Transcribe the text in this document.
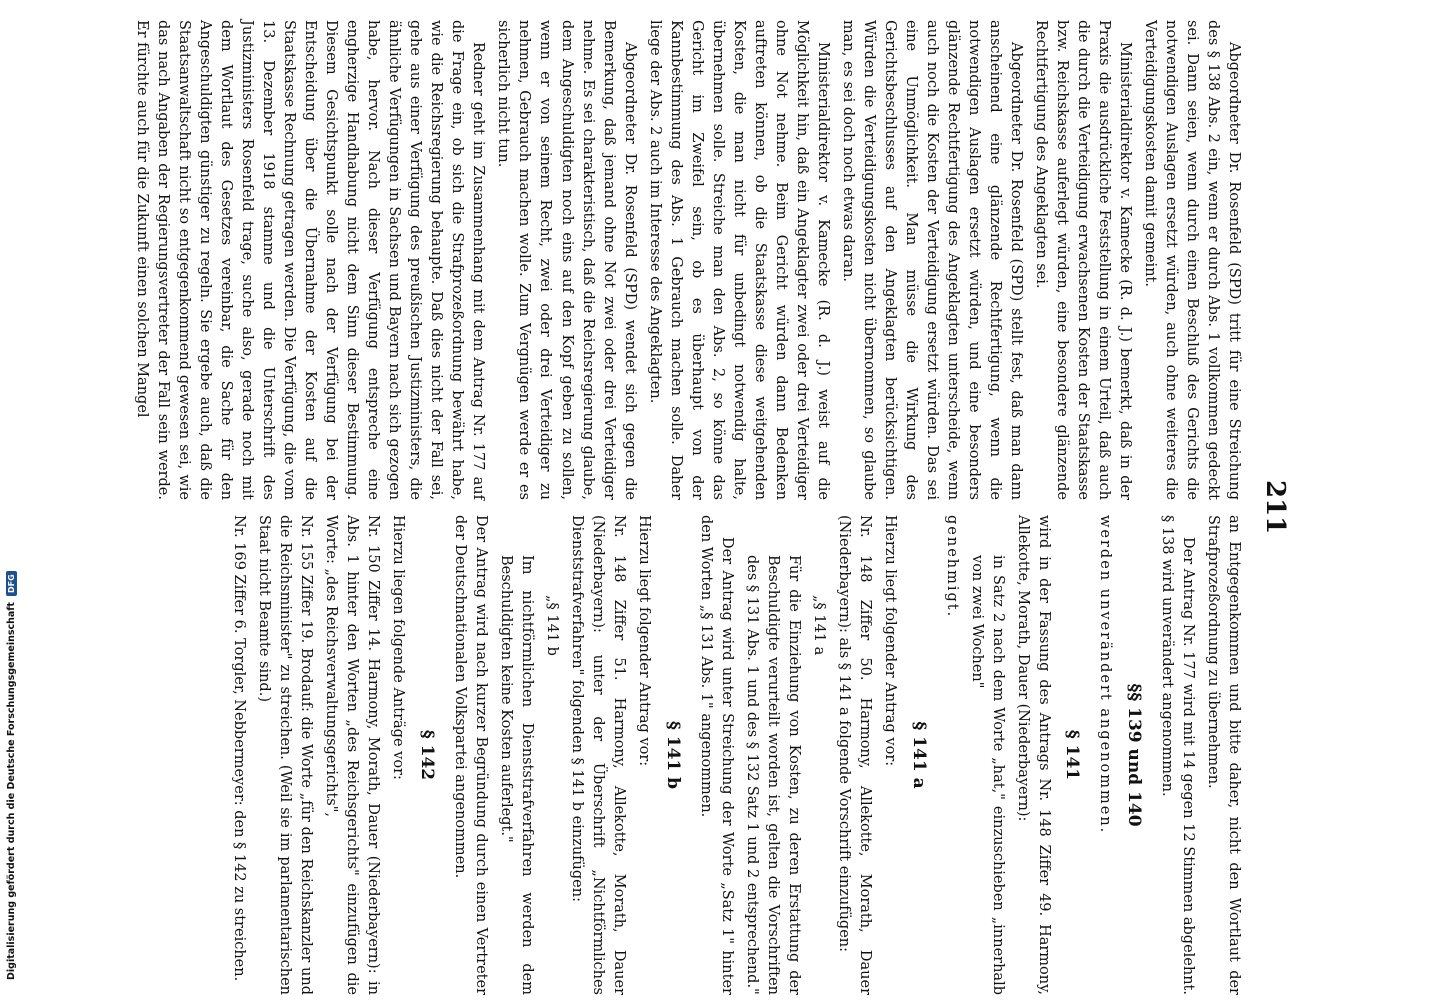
211

Abgeordneter Dr. Rosenfeld (SPD) tritt für eine Streichung des § 138 Abs. 2 ein, wenn er durch Abs. 1 vollkommen gedeckt sei. Dann seien, wenn durch einen Beschluß des Gerichts die notwendigen Auslagen ersetzt würden, auch ohne weiteres die Verteidigungskosten damit gemeint.

Ministerialdirektor v. Kamecke (R. d. J.) bemerkt, daß in der Praxis die ausdrückliche Feststellung in einem Urteil, daß auch die durch die Verteidigung erwachsenen Kosten der Staatskasse bzw. Reichskasse auferlegt würden, eine besondere glänzende Rechtfertigung des Angeklagten sei.

Abgeordneter Dr. Rosenfeld (SPD) stellt fest, daß man dann anscheinend eine glänzende Rechtfertigung, wenn die notwendigen Auslagen ersetzt würden, und eine besonders glänzende Rechtfertigung des Angeklagten unterscheide, wenn auch noch die Kosten der Verteidigung ersetzt würden. Das sei eine Unmöglichkeit. Man müsse die Wirkung des Gerichtsbeschlusses auf den Angeklagten berücksichtigen. Würden die Verteidigungskosten nicht übernommen, so glaube man, es sei doch noch etwas daran.

Ministerialdirektor v. Kamecke (R. d. J.) weist auf die Möglichkeit hin, daß ein Angeklagter zwei oder drei Verteidiger ohne Not nehme. Beim Gericht würden dann Bedenken auftreten können, ob die Staatskasse diese weitgehenden Kosten, die man nicht für unbedingt notwendig halte, übernehmen solle. Streiche man den Abs. 2, so könne das Gericht im Zweifel sein, ob es überhaupt von der Kannbestimmung des Abs. 1 Gebrauch machen solle. Daher liege der Abs. 2 auch im Interesse des Angeklagten.

Abgeordneter Dr. Rosenfeld (SPD) wendet sich gegen die Bemerkung, daß jemand ohne Not zwei oder drei Verteidiger nehme. Es sei charakteristisch, daß die Reichsregierung glaube, dem Angeschuldigten noch eins auf den Kopf geben zu sollen, wenn er von seinem Recht, zwei oder drei Verteidiger zu nehmen, Gebrauch machen wolle. Zum Vergnügen werde er es sicherlich nicht tun.

Redner geht im Zusammenhang mit dem Antrag Nr. 177 auf die Frage ein, ob sich die Strafprozeßordnung bewährt habe, wie die Reichsregierung behaupte. Daß dies nicht der Fall sei, gehe aus einer Verfügung des preußischen Justizministers, die ähnliche Verfügungen in Sachsen und Bayern nach sich gezogen habe, hervor. Nach dieser Verfügung entspreche eine engherzige Handhabung nicht dem Sinn dieser Bestimmung. Diesem Gesichtspunkt solle nach der Verfügung bei der Entscheidung über die Übernahme der Kosten auf die Staatskasse Rechnung getragen werden. Die Verfügung, die vom 13. Dezember 1918 stamme und die Unterschrift des Justizministers Rosenfeld trage, suche also, gerade noch mit dem Wortlaut des Gesetzes vereinbar, die Sache für den Angeschuldigten günstiger zu regeln. Sie ergebe auch, daß die Staatsanwaltschaft nicht so entgegenkommend gewesen sei, wie das nach Angaben der Regierungsvertreter der Fall sein werde. Er fürchte auch für die Zukunft einen solchen Mangel

an Entgegenkommen und bitte daher, nicht den Wortlaut der Strafprozeßordnung zu übernehmen.

Der Antrag Nr. 177 wird mit 14 gegen 12 Stimmen abgelehnt. § 138 wird unverändert angenommen.

§§ 139 und 140

werden unverändert angenommen.

§ 141

wird in der Fassung des Antrags Nr. 148 Ziffer 49. Harmony, Allekotte, Morath, Dauer (Niederbayern):

in Satz 2 nach dem Worte „hat," einzuschieben „innerhalb von zwei Wochen"

genehmigt.

§ 141 a

Hierzu liegt folgender Antrag vor:

Nr. 148 Ziffer 50. Harmony, Allekotte, Morath, Dauer (Niederbayern): als § 141 a folgende Vorschrift einzufügen:

„§ 141 a

Für die Einziehung von Kosten, zu deren Erstattung der Beschuldigte verurteilt worden ist, gelten die Vorschriften des § 131 Abs. 1 und des § 132 Satz 1 und 2 entsprechend."

Der Antrag wird unter Streichung der Worte „Satz 1" hinter den Worten „§ 131 Abs. 1" angenommen.

§ 141 b

Hierzu liegt folgender Antrag vor:

Nr. 148 Ziffer 51. Harmony, Allekotte, Morath, Dauer (Niederbayern): unter der Überschrift „Nichtförmliches Dienststrafverfahren" folgenden § 141 b einzufügen:

„§ 141 b

Im nichtförmlichen Dienststrafverfahren werden dem Beschuldigten keine Kosten auferlegt."

Der Antrag wird nach kurzer Begründung durch einen Vertreter der Deutschnationalen Volkspartei angenommen.

§ 142

Hierzu liegen folgende Anträge vor:

Nr. 150 Ziffer 14. Harmony, Morath, Dauer (Niederbayern): in Abs. 1 hinter den Worten „des Reichsgerichts" einzufügen die Worte: „des Reichsverwaltungsgerichts",

Nr. 155 Ziffer 19. Brodauf: die Worte „für den Reichskanzler und die Reichsminister" zu streichen. (Weil sie im parlamentarischen Staat nicht Beamte sind.)

Nr. 169 Ziffer 6. Torgler, Nebbermeyer: den § 142 zu streichen.

Digitalisierung gefördert durch die Deutsche Forschungsgemeinschaft
DFG
